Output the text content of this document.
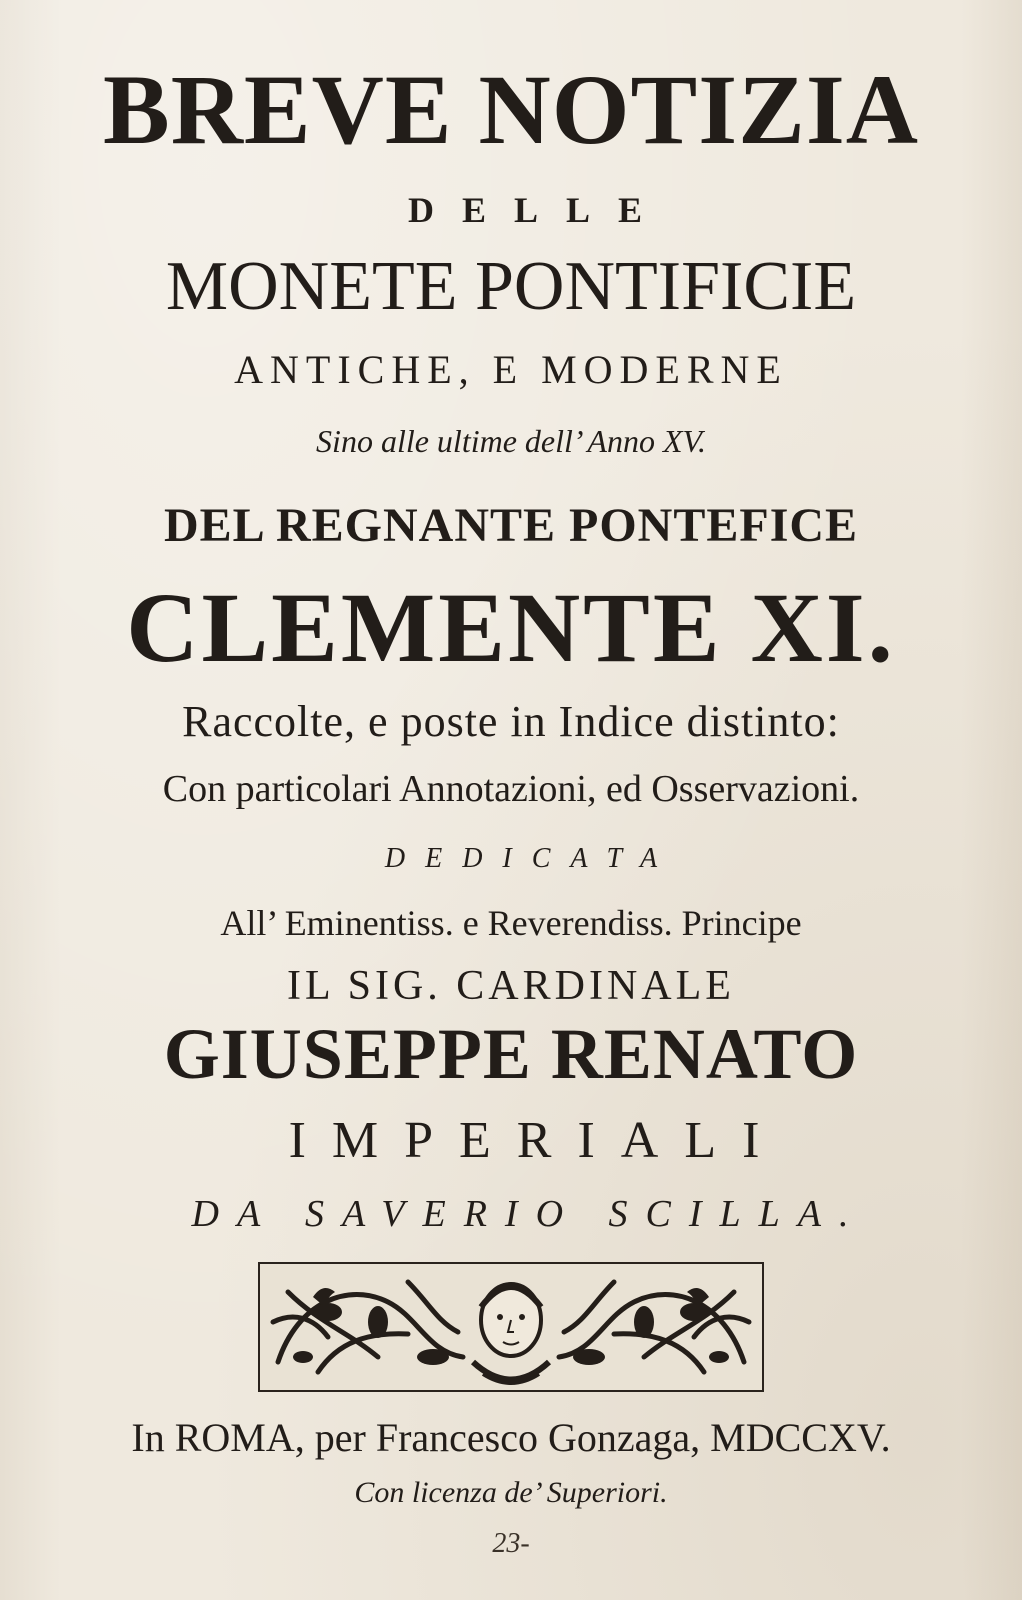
BREVE NOTIZIA
DELLE
MONETE PONTIFICIE
ANTICHE, E MODERNE
Sino alle ultime dell’ Anno XV.
DEL REGNANTE PONTEFICE
CLEMENTE XI.
Raccolte, e poste in Indice distinto:
Con particolari Annotazioni, ed Osservazioni.
DEDICATA
All’ Eminentiss. e Reverendiss. Principe
IL SIG. CARDINALE
GIUSEPPE RENATO
IMPERIALI
DA SAVERIO SCILLA.
In ROMA, per Francesco Gonzaga, MDCCXV.
Con licenza de’ Superiori.
23-
